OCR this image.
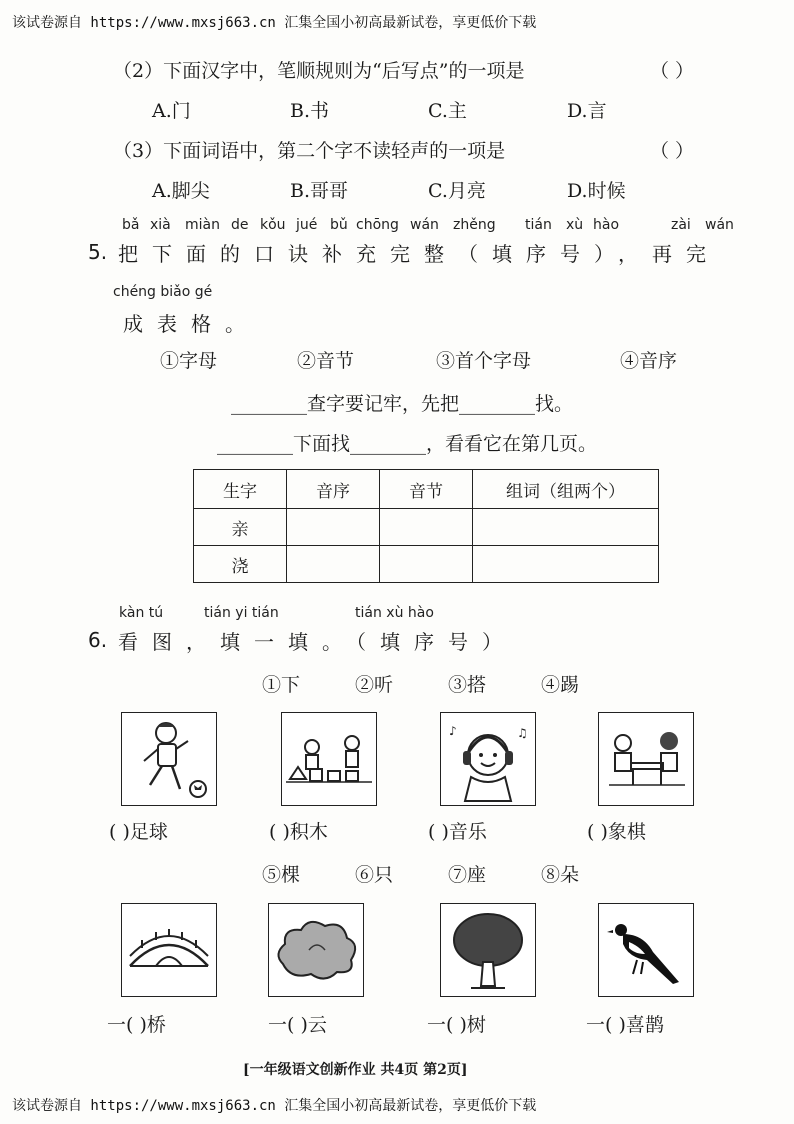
该试卷源自 https://www.mxsj663.cn 汇集全国小初高最新试卷，享更低价下载
（2）下面汉字中，笔顺规则为“后写点”的一项是	（ ）
A.门	B.书	C.主	D.言
（3）下面词语中，第二个字不读轻声的一项是	（ ）
A.脚尖	B.哥哥	C.月亮	D.时候
bǎ xià miàn de kǒu jué bǔ chōng wán zhěng tián xù hào	zài wán
5. 把下面的口诀补充完整（填序号），再完
chéng biǎo gé
成表格。
①字母	②音节	③首个字母	④音序
________查字要记牢，先把________找。
________下面找________，看看它在第几页。
生字	音序	音节	组词（组两个）
亲			
浇			
kàn tú	tián yi tián	tián xù hào
6. 看图，填一填。（填序号）
①下	②听	③搭	④踢
♪	♫
( )足球	( )积木	( )音乐	( )象棋
⑤棵	⑥只	⑦座	⑧朵
一( )桥	一( )云	一( )树	一( )喜鹊
[一年级语文创新作业 共4页 第2页]
该试卷源自 https://www.mxsj663.cn 汇集全国小初高最新试卷，享更低价下载
